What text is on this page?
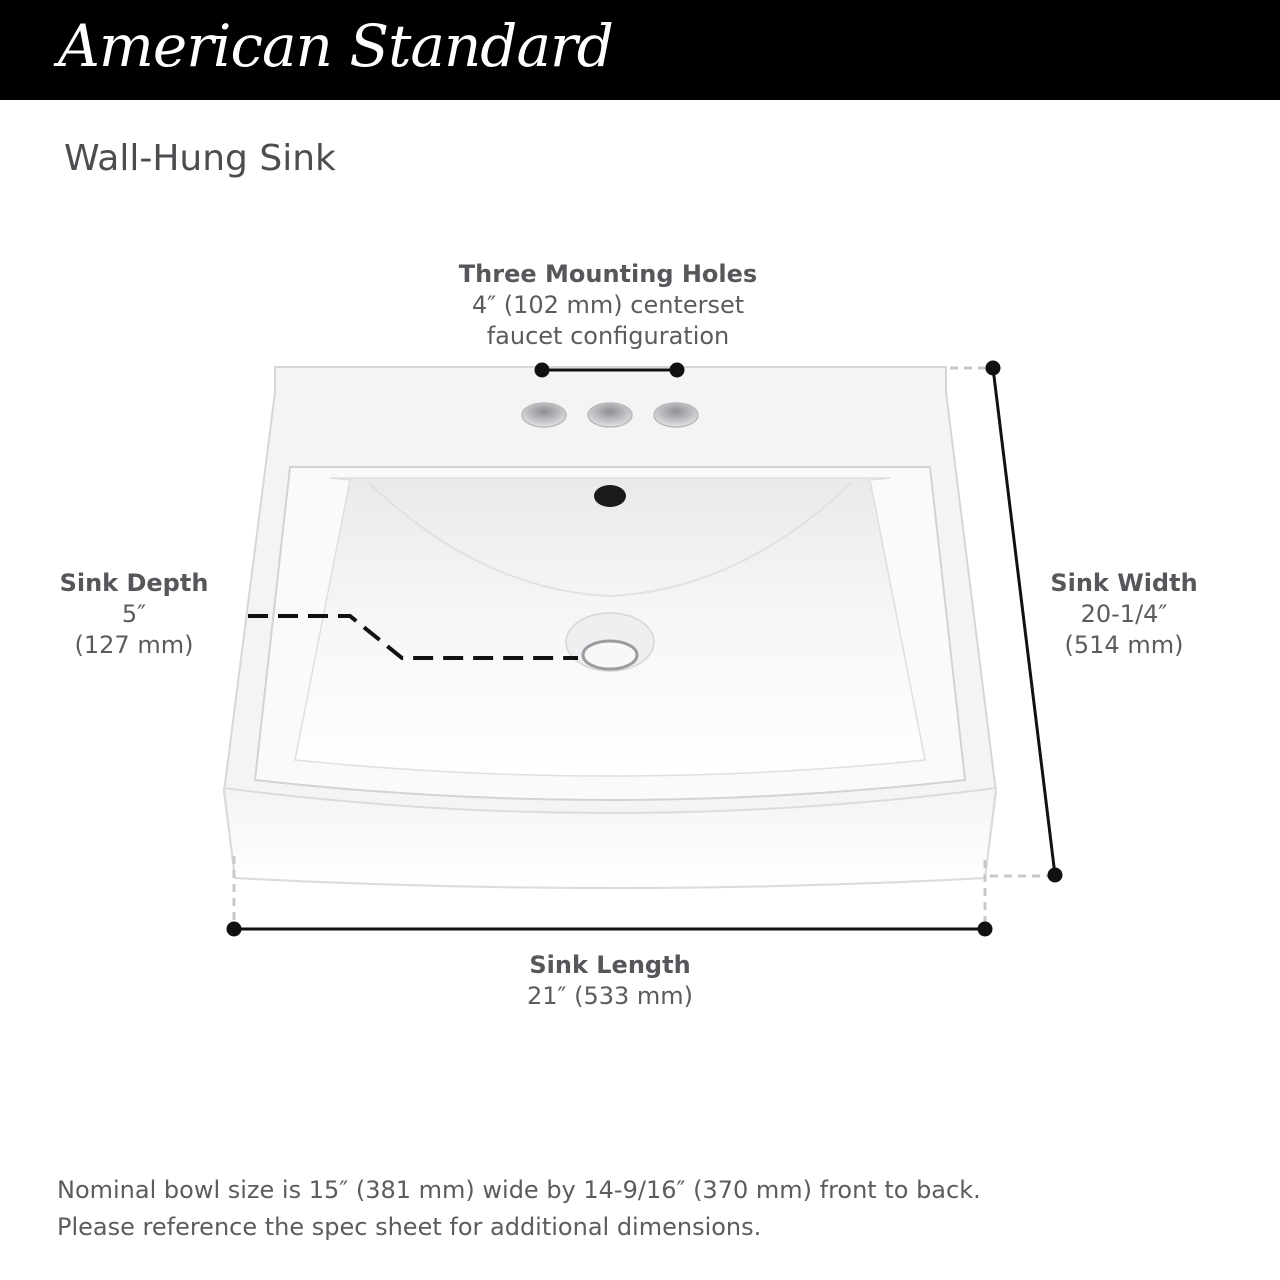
American Standard
Wall-Hung Sink
Three Mounting Holes
4″ (102 mm) centerset
faucet configuration
Sink Depth
5″
(127 mm)
Sink Width
20-1/4″
(514 mm)
Sink Length
21″ (533 mm)
Nominal bowl size is 15″ (381 mm) wide by 14-9/16″ (370 mm) front to back.
Please reference the spec sheet for additional dimensions.
